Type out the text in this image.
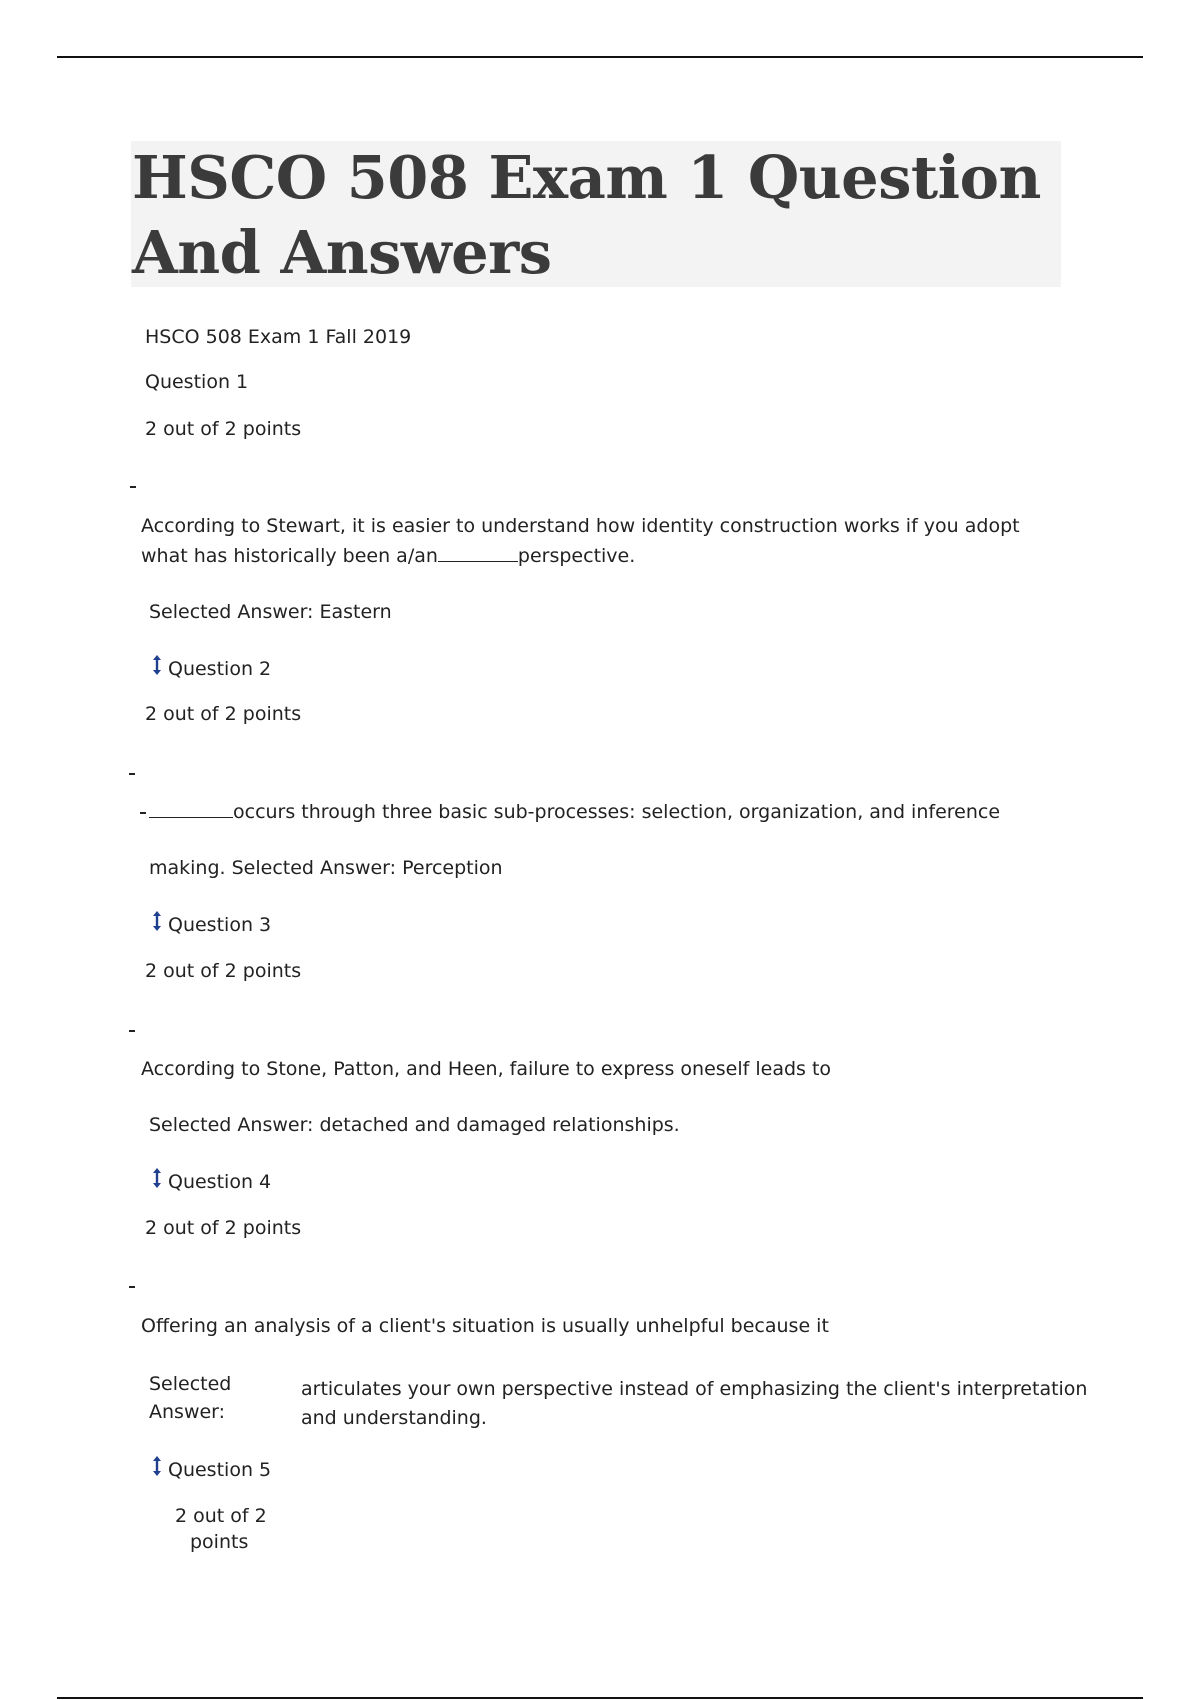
HSCO 508 Exam 1 Question And Answers

HSCO 508 Exam 1 Fall 2019

Question 1

2 out of 2 points

According to Stewart, it is easier to understand how identity construction works if you adopt

what has historically been a/an	perspective.

Selected Answer: Eastern

Question 2

2 out of 2 points

occurs through three basic sub-processes: selection, organization, and inference

making. Selected Answer: Perception

Question 3

2 out of 2 points

According to Stone, Patton, and Heen, failure to express oneself leads to

Selected Answer: detached and damaged relationships.

Question 4

2 out of 2 points

Offering an analysis of a client's situation is usually unhelpful because it

Selected

Answer:

articulates your own perspective instead of emphasizing the client's interpretation

and understanding.

Question 5

2 out of 2

points
